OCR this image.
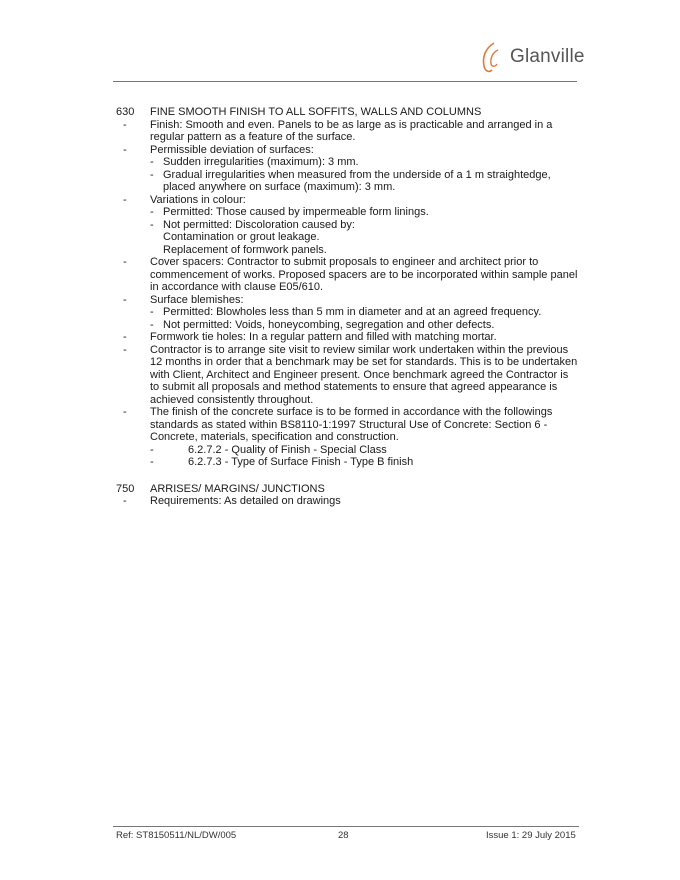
Glanville
630	FINE SMOOTH FINISH TO ALL SOFFITS, WALLS AND COLUMNS
- Finish: Smooth and even. Panels to be as large as is practicable and arranged in a regular pattern as a feature of the surface.
- Permissible deviation of surfaces:
- Sudden irregularities (maximum): 3 mm.
- Gradual irregularities when measured from the underside of a 1 m straightedge, placed anywhere on surface (maximum): 3 mm.
- Variations in colour:
- Permitted: Those caused by impermeable form linings.
- Not permitted: Discoloration caused by:
Contamination or grout leakage.
Replacement of formwork panels.
- Cover spacers: Contractor to submit proposals to engineer and architect prior to commencement of works. Proposed spacers are to be incorporated within sample panel in accordance with clause E05/610.
- Surface blemishes:
- Permitted: Blowholes less than 5 mm in diameter and at an agreed frequency.
- Not permitted: Voids, honeycombing, segregation and other defects.
- Formwork tie holes: In a regular pattern and filled with matching mortar.
- Contractor is to arrange site visit to review similar work undertaken within the previous 12 months in order that a benchmark may be set for standards. This is to be undertaken with Client, Architect and Engineer present. Once benchmark agreed the Contractor is to submit all proposals and method statements to ensure that agreed appearance is achieved consistently throughout.
- The finish of the concrete surface is to be formed in accordance with the followings standards as stated within BS8110-1:1997 Structural Use of Concrete: Section 6 - Concrete, materials, specification and construction.
-	6.2.7.2 - Quality of Finish - Special Class
-	6.2.7.3 - Type of Surface Finish - Type B finish
750	ARRISES/ MARGINS/ JUNCTIONS
- Requirements: As detailed on drawings
Ref: ST8150511/NL/DW/005	28	Issue 1: 29 July 2015
